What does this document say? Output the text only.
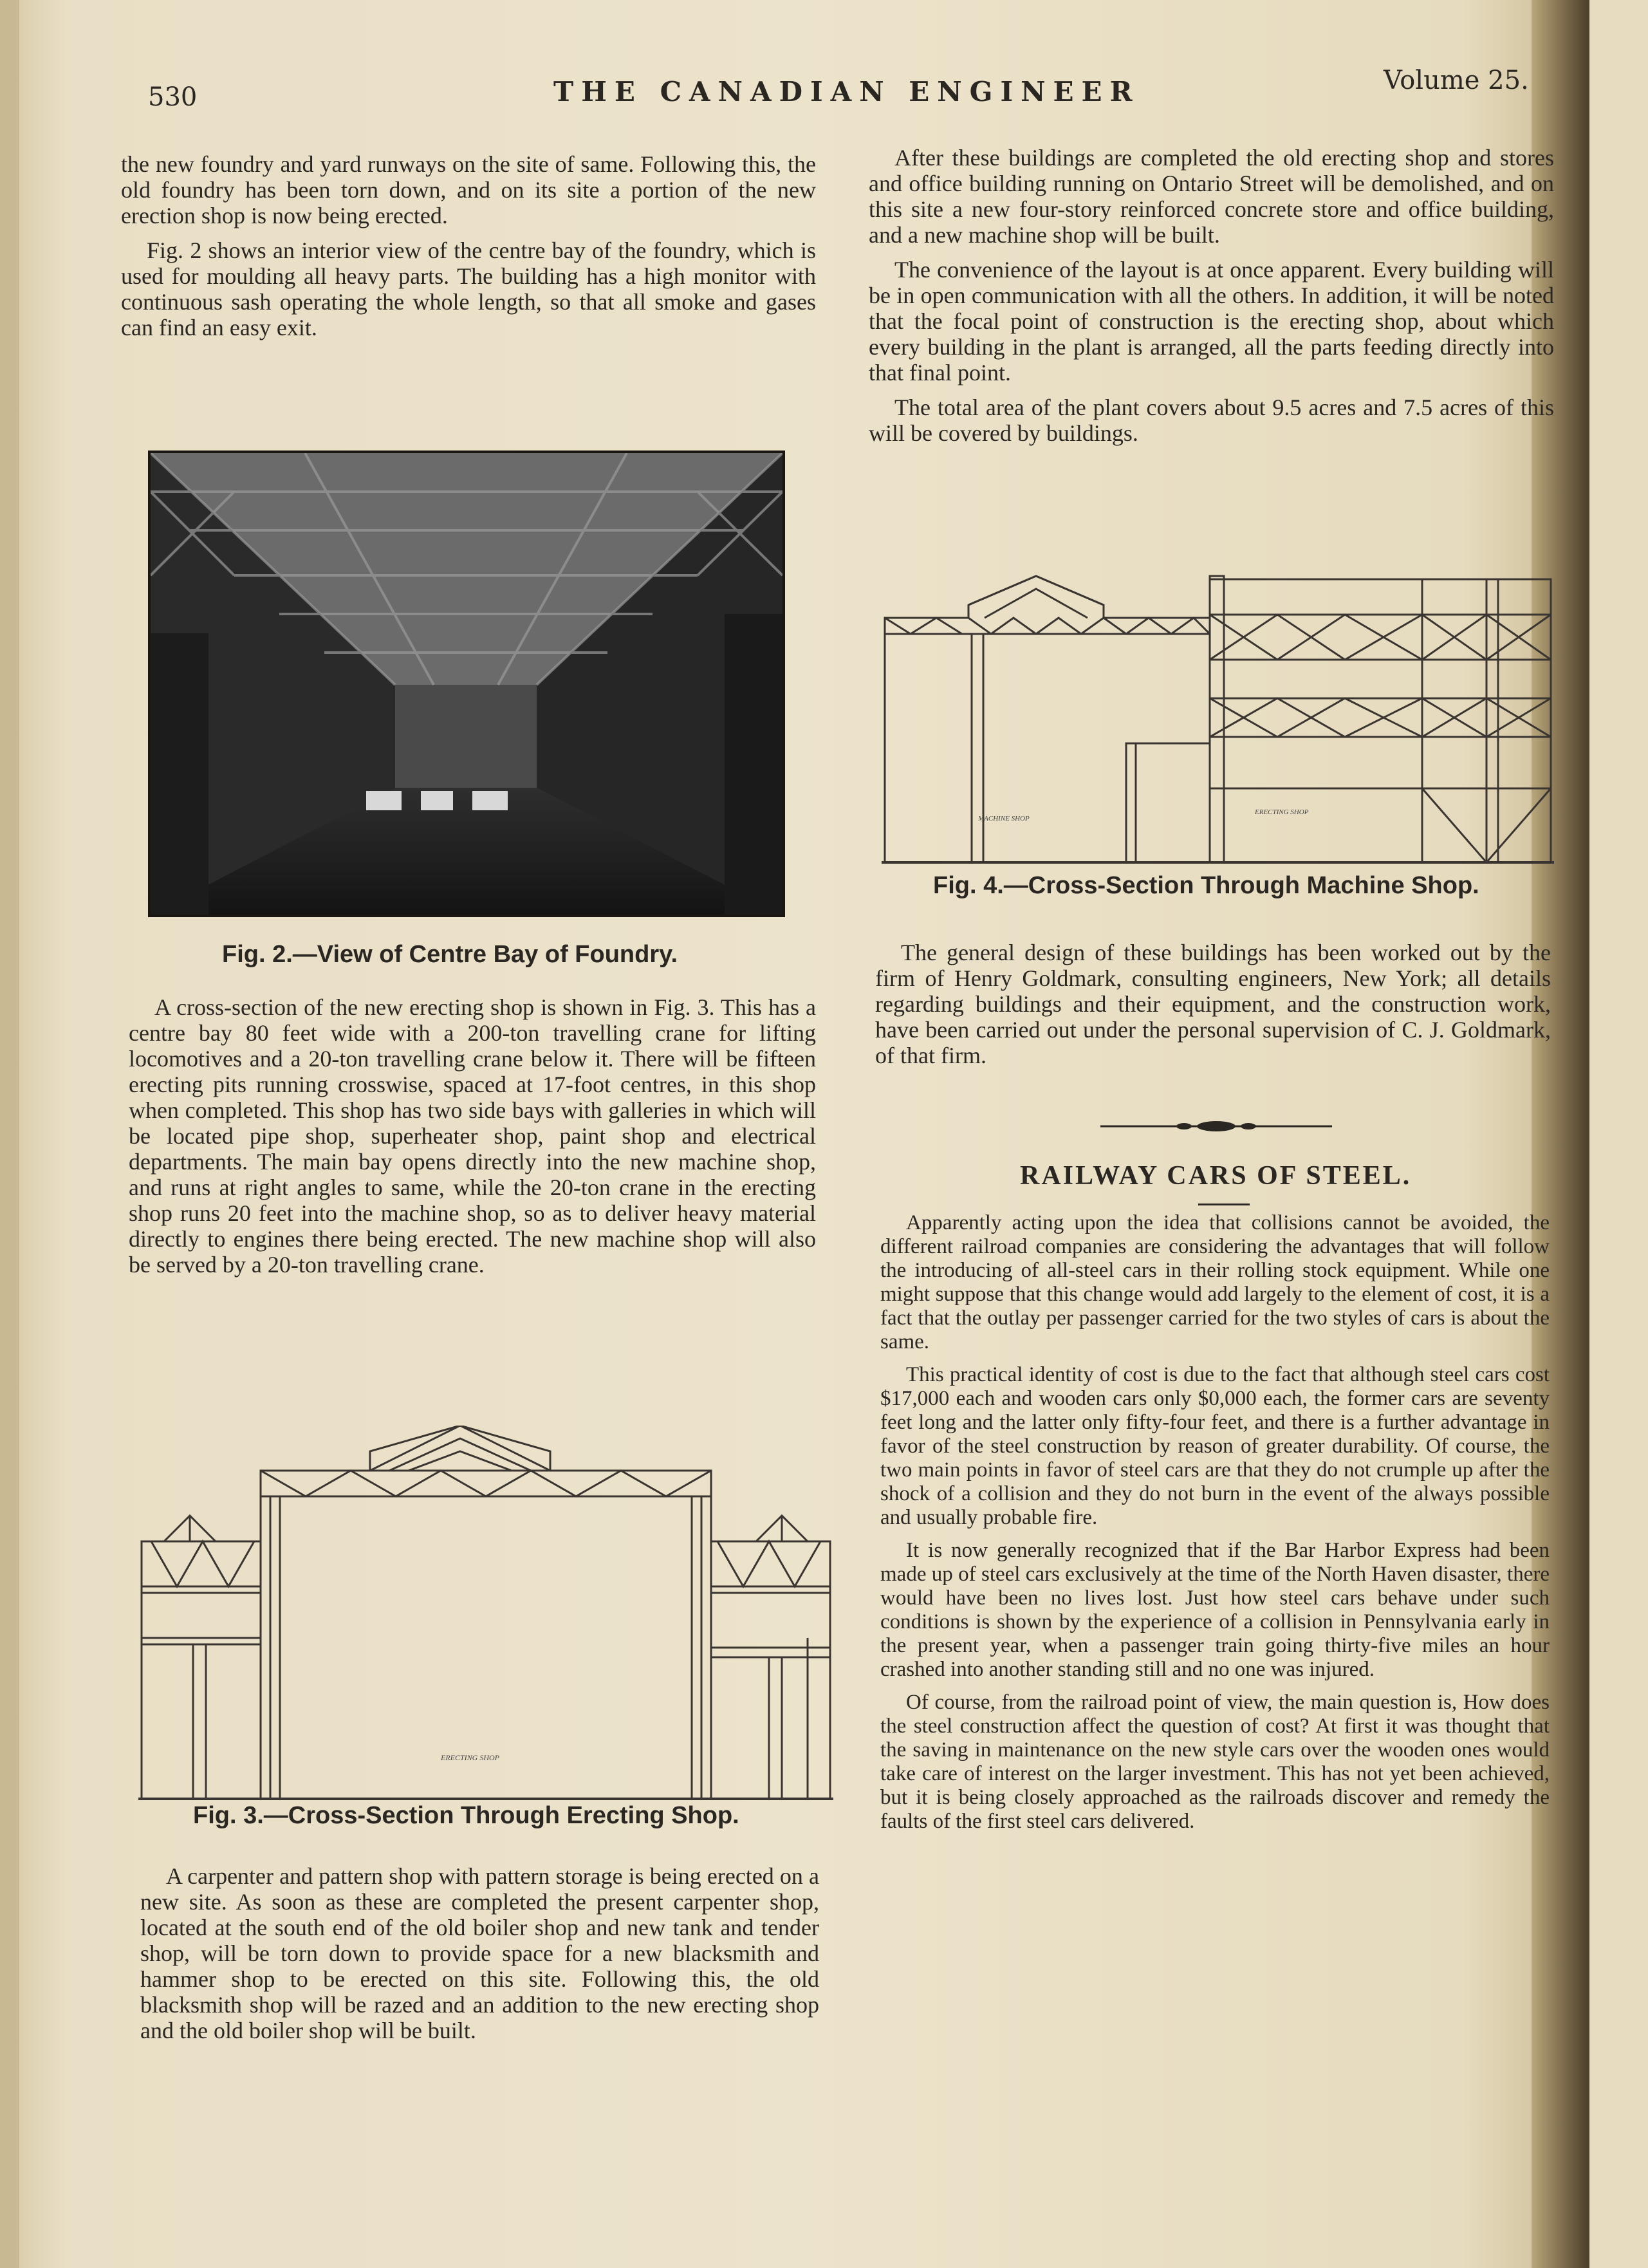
530	THE CANADIAN ENGINEER	Volume 25.

the new foundry and yard runways on the site of same. Following this, the old foundry has been torn down, and on its site a portion of the new erection shop is now being erected.

Fig. 2 shows an interior view of the centre bay of the foundry, which is used for moulding all heavy parts. The building has a high monitor with continuous sash operating the whole length, so that all smoke and gases can find an easy exit.

Fig. 2.—View of Centre Bay of Foundry.

A cross-section of the new erecting shop is shown in Fig. 3. This has a centre bay 80 feet wide with a 200-ton travelling crane for lifting locomotives and a 20-ton travelling crane below it. There will be fifteen erecting pits running crosswise, spaced at 17-foot centres, in this shop when completed. This shop has two side bays with galleries in which will be located pipe shop, superheater shop, paint shop and electrical departments. The main bay opens directly into the new machine shop, and runs at right angles to same, while the 20-ton crane in the erecting shop runs 20 feet into the machine shop, so as to deliver heavy material directly to engines there being erected. The new machine shop will also be served by a 20-ton travelling crane.

ERECTING SHOP
Fig. 3.—Cross-Section Through Erecting Shop.

A carpenter and pattern shop with pattern storage is being erected on a new site. As soon as these are completed the present carpenter shop, located at the south end of the old boiler shop and new tank and tender shop, will be torn down to provide space for a new blacksmith and hammer shop to be erected on this site. Following this, the old blacksmith shop will be razed and an addition to the new erecting shop and the old boiler shop will be built.

After these buildings are completed the old erecting shop and stores and office building running on Ontario Street will be demolished, and on this site a new four-story reinforced concrete store and office building, and a new machine shop will be built.

The convenience of the layout is at once apparent. Every building will be in open communication with all the others. In addition, it will be noted that the focal point of construction is the erecting shop, about which every building in the plant is arranged, all the parts feeding directly into that final point.

The total area of the plant covers about 9.5 acres and 7.5 acres of this will be covered by buildings.

MACHINE SHOP
ERECTING SHOP
Fig. 4.—Cross-Section Through Machine Shop.

The general design of these buildings has been worked out by the firm of Henry Goldmark, consulting engineers, New York; all details regarding buildings and their equipment, and the construction work, have been carried out under the personal supervision of C. J. Goldmark, of that firm.

RAILWAY CARS OF STEEL.

Apparently acting upon the idea that collisions cannot be avoided, the different railroad companies are considering the advantages that will follow the introducing of all-steel cars in their rolling stock equipment. While one might suppose that this change would add largely to the element of cost, it is a fact that the outlay per passenger carried for the two styles of cars is about the same.

This practical identity of cost is due to the fact that although steel cars cost $17,000 each and wooden cars only $0,000 each, the former cars are seventy feet long and the latter only fifty-four feet, and there is a further advantage in favor of the steel construction by reason of greater durability. Of course, the two main points in favor of steel cars are that they do not crumple up after the shock of a collision and they do not burn in the event of the always possible and usually probable fire.

It is now generally recognized that if the Bar Harbor Express had been made up of steel cars exclusively at the time of the North Haven disaster, there would have been no lives lost. Just how steel cars behave under such conditions is shown by the experience of a collision in Pennsylvania early in the present year, when a passenger train going thirty-five miles an hour crashed into another standing still and no one was injured.

Of course, from the railroad point of view, the main question is, How does the steel construction affect the question of cost? At first it was thought that the saving in maintenance on the new style cars over the wooden ones would take care of interest on the larger investment. This has not yet been achieved, but it is being closely approached as the railroads discover and remedy the faults of the first steel cars delivered.
